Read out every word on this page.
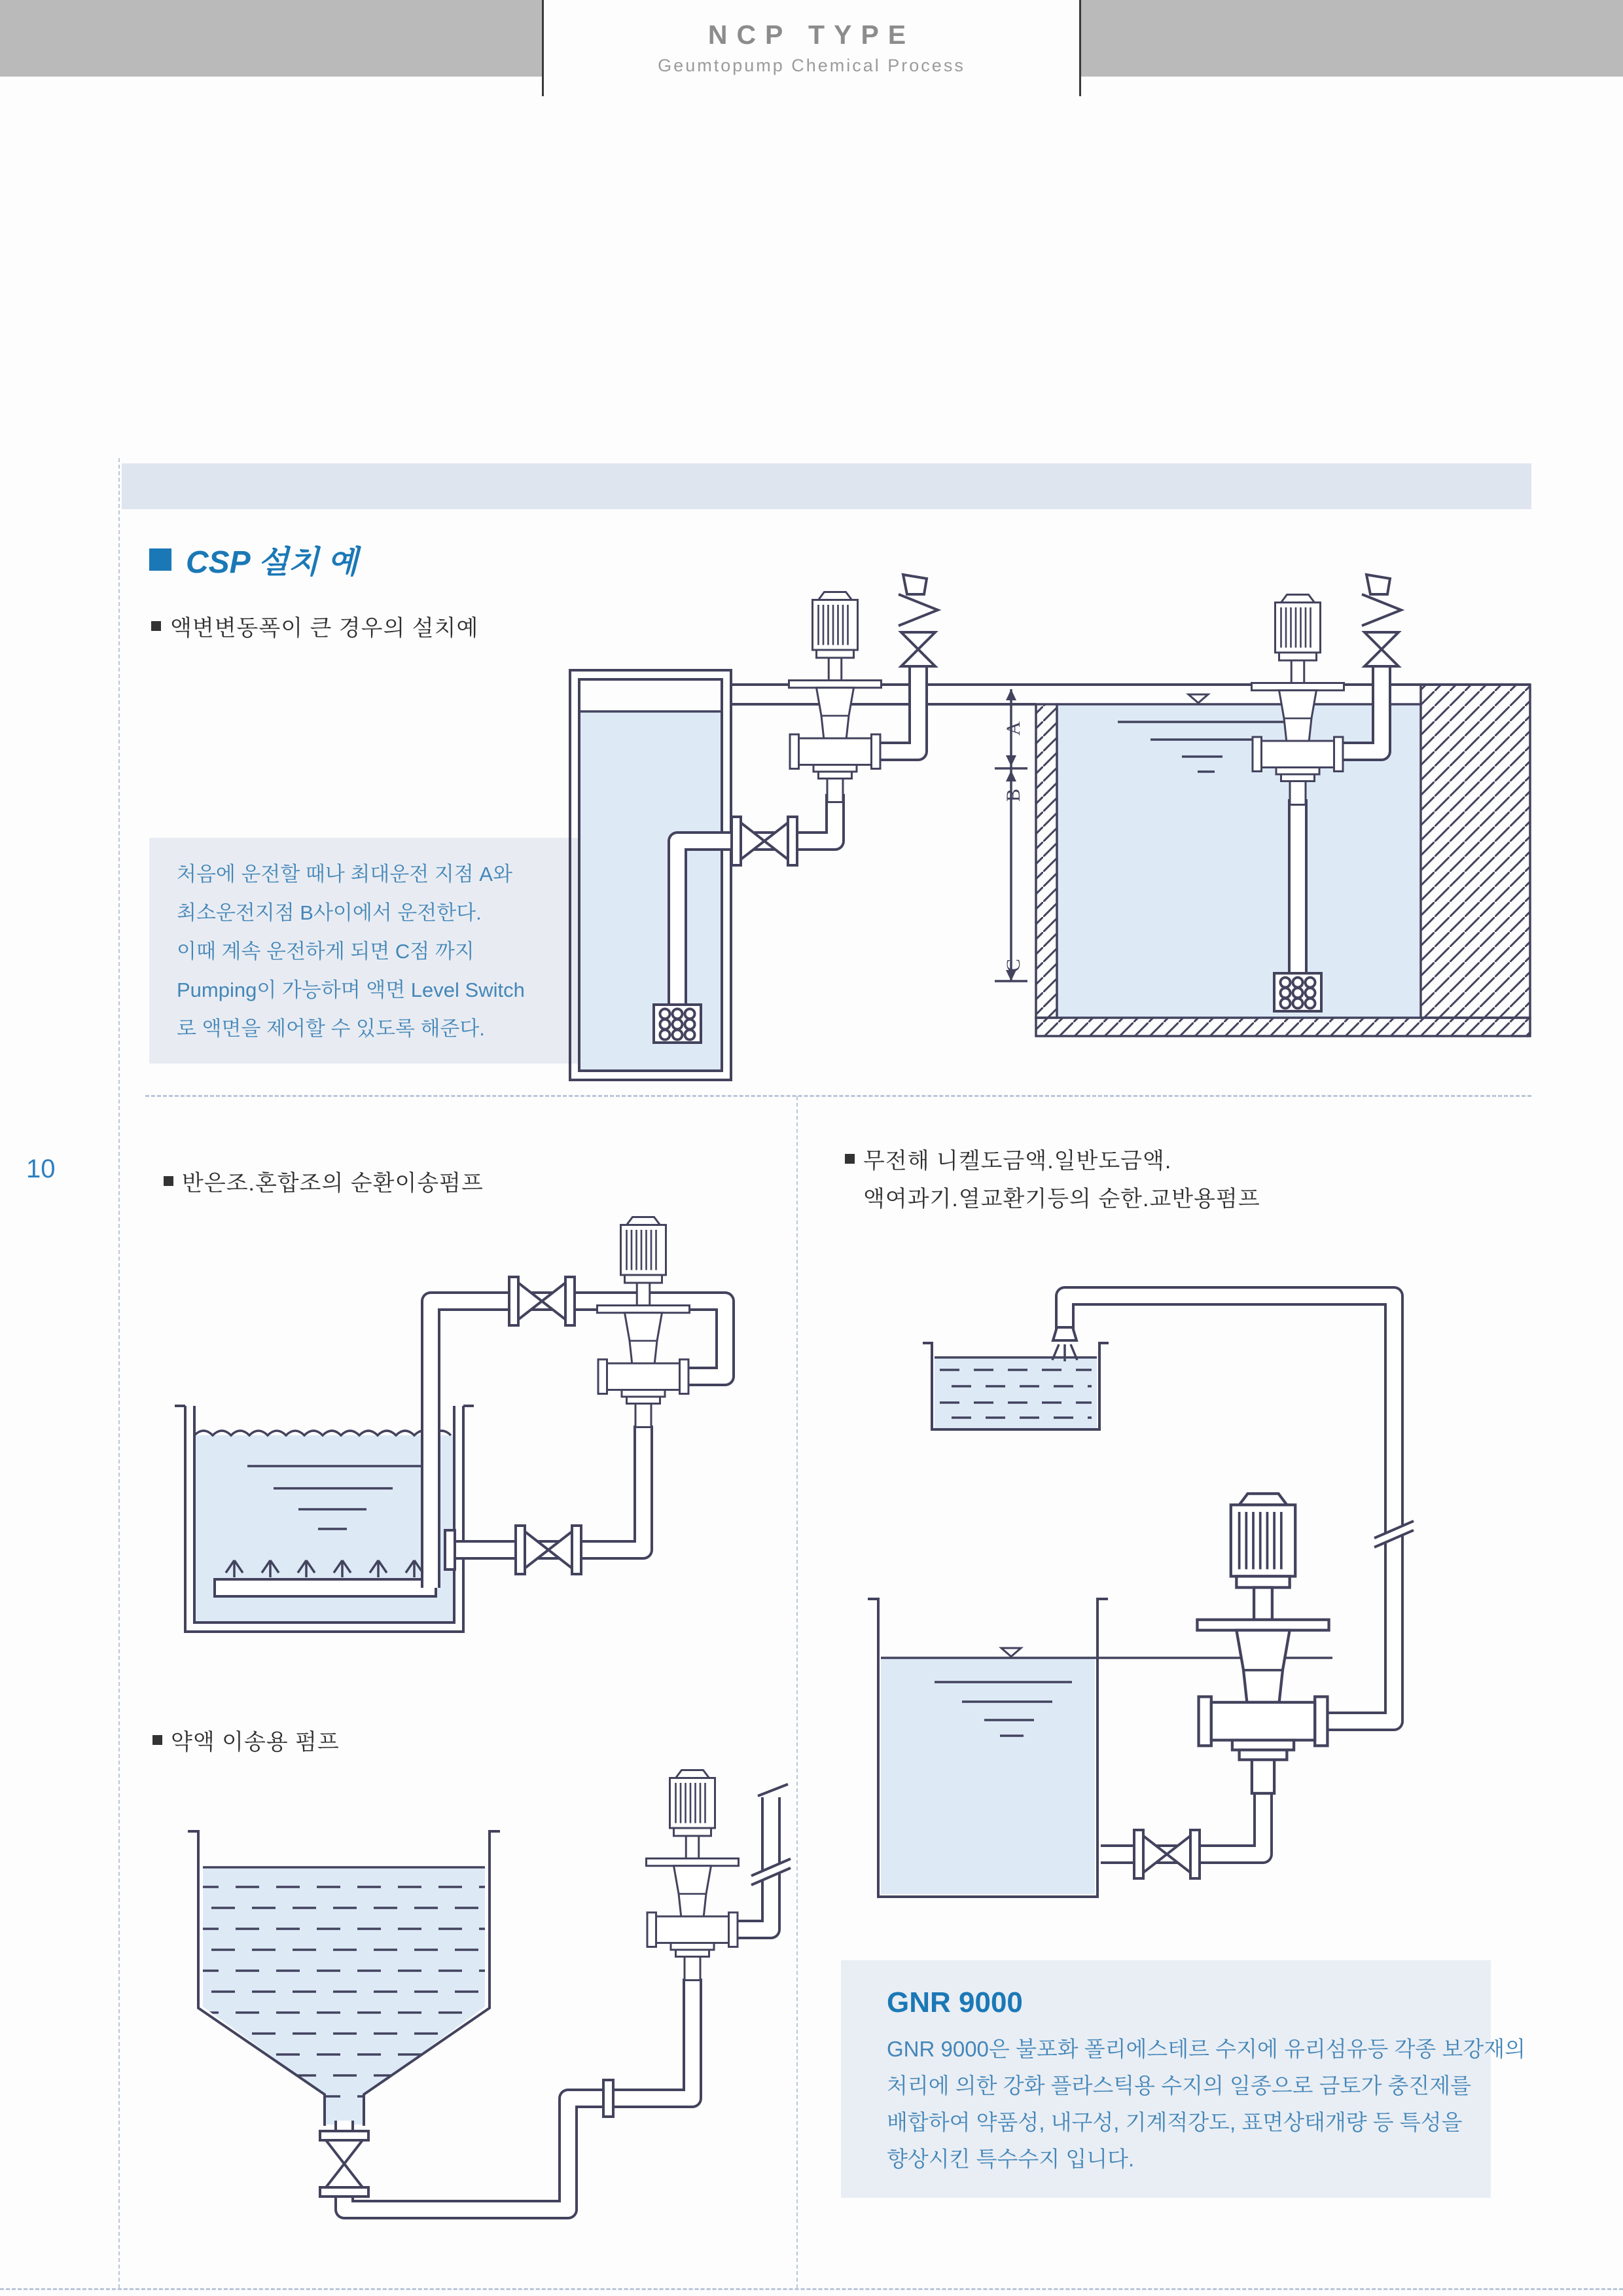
NCP TYPE
Geumtopump Chemical Process
CSP 설치 예
액변변동폭이 큰 경우의 설치예
10	반은조.혼합조의 순환이송펌프
무전해 니켈도금액.일반도금액.
액여과기.열교환기등의 순한.교반용펌프
약액 이송용 펌프
처음에 운전할 때나 최대운전 지점 A와
최소운전지점 B사이에서 운전한다.
이때 계속 운전하게 되면 C점 까지
Pumping이 가능하며 액면 Level Switch
로 액면을 제어할 수 있도록 해준다.
GNR 9000

GNR 9000은 불포화 폴리에스테르 수지에 유리섬유등 각종 보강재의

처리에 의한 강화 플라스틱용 수지의 일종으로 금토가 충진제를

배합하여 약품성, 내구성, 기계적강도, 표면상태개량 등 특성을

향상시킨 특수수지 입니다.

A
B
C
